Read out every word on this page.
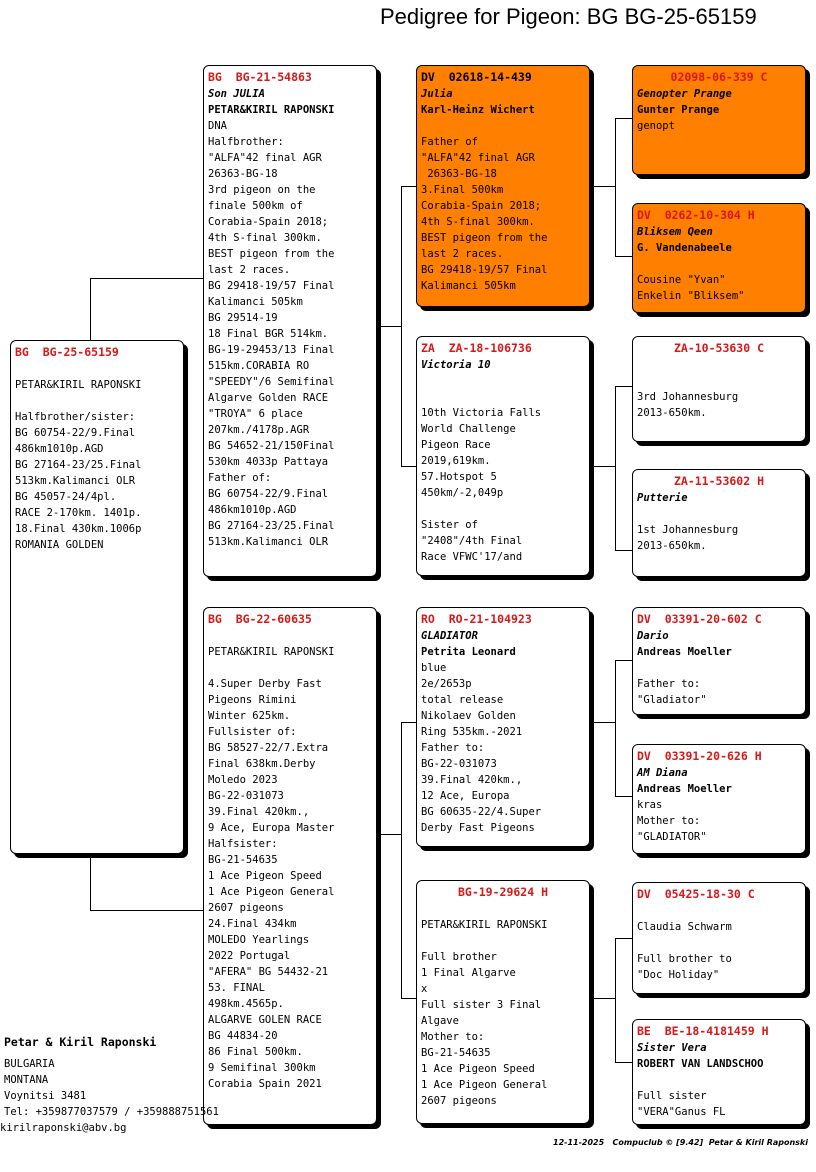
Pedigree for Pigeon: BG BG-25-65159
BG  BG-25-65159

PETAR&KIRIL RAPONSKI

Halfbrother/sister:
BG 60754-22/9.Final
486km1010p.AGD
BG 27164-23/25.Final
513km.Kalimanci OLR
BG 45057-24/4pl.
RACE 2-170km. 1401p.
18.Final 430km.1006p
ROMANIA GOLDEN
BG  BG-21-54863
Son JULIA
PETAR&KIRIL RAPONSKI
DNA
Halfbrother:
"ALFA"42 final AGR
26363-BG-18
3rd pigeon on the
finale 500km of
Corabia-Spain 2018;
4th S-final 300km.
BEST pigeon from the
last 2 races.
BG 29418-19/57 Final
Kalimanci 505km
BG 29514-19
18 Final BGR 514km.
BG-19-29453/13 Final
515km.CORABIA RO
"SPEEDY"/6 Semifinal
Algarve Golden RACE
"TROYA" 6 place
207km./4178p.AGR
BG 54652-21/150Final
530km 4033p Pattaya
Father of:
BG 60754-22/9.Final
486km1010p.AGD
BG 27164-23/25.Final
513km.Kalimanci OLR
BG  BG-22-60635

PETAR&KIRIL RAPONSKI

4.Super Derby Fast
Pigeons Rimini
Winter 625km.
Fullsister of:
BG 58527-22/7.Extra
Final 638km.Derby
Moledo 2023
BG-22-031073
39.Final 420km.,
9 Ace, Europa Master
Halfsister:
BG-21-54635
1 Ace Pigeon Speed
1 Ace Pigeon General
2607 pigeons
24.Final 434km
MOLEDO Yearlings
2022 Portugal
"AFERA" BG 54432-21
53. FINAL
498km.4565p.
ALGARVE GOLEN RACE
BG 44834-20
86 Final 500km.
9 Semifinal 300km
Corabia Spain 2021
DV  02618-14-439
Julia
Karl-Heinz Wichert

Father of
"ALFA"42 final AGR
26363-BG-18
3.Final 500km
Corabia-Spain 2018;
4th S-final 300km.
BEST pigeon from the
last 2 races.
BG 29418-19/57 Final
Kalimanci 505km
ZA  ZA-18-106736
Victoria 10

10th Victoria Falls
World Challenge
Pigeon Race
2019,619km.
57.Hotspot 5
450km/-2,049p

Sister of
"2408"/4th Final
Race VFWC'17/and
RO  RO-21-104923
GLADIATOR
Petrita Leonard
blue
2e/2653p
total release
Nikolaev Golden
Ring 535km.-2021
Father to:
BG-22-031073
39.Final 420km.,
12 Ace, Europa
BG 60635-22/4.Super
Derby Fast Pigeons
BG-19-29624 H

PETAR&KIRIL RAPONSKI

Full brother
1 Final Algarve
x
Full sister 3 Final
Algave
Mother to:
BG-21-54635
1 Ace Pigeon Speed
1 Ace Pigeon General
2607 pigeons
02098-06-339 C
Genopter Prange
Gunter Prange
genopt
DV  0262-10-304 H
Bliksem Qeen
G. Vandenabeele

Cousine "Yvan"
Enkelin "Bliksem"
ZA-10-53630 C

3rd Johannesburg
2013-650km.
ZA-11-53602 H
Putterie

1st Johannesburg
2013-650km.
DV  03391-20-602 C
Dario
Andreas Moeller

Father to:
"Gladiator"
DV  03391-20-626 H
AM Diana
Andreas Moeller
kras
Mother to:
"GLADIATOR"
DV  05425-18-30 C

Claudia Schwarm

Full brother to
"Doc Holiday"
BE  BE-18-4181459 H
Sister Vera
ROBERT VAN LANDSCHOO

Full sister
"VERA"Ganus FL
Petar & Kiril Raponski
BULGARIA
MONTANA
Voynitsi 3481
Tel: +359877037579 / +359888751561
kirilraponski@abv.bg
12-11-2025   Compuclub © [9.42]  Petar & Kiril Raponski
